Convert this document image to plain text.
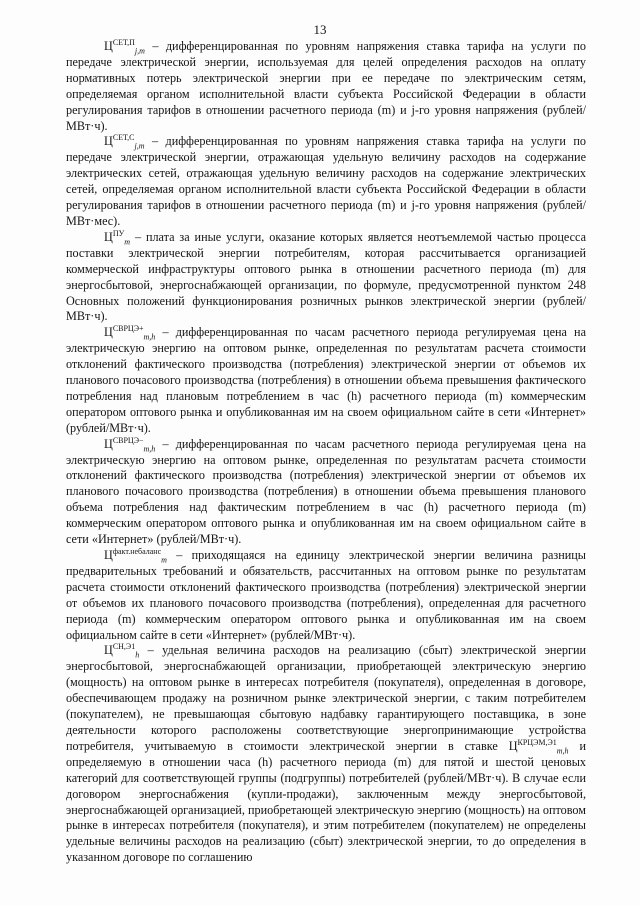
13

$Ц^{СЕТ,П}_{j,m}$ – дифференцированная по уровням напряжения ставка тарифа на услуги по передаче электрической энергии, используемая для целей определения расходов на оплату нормативных потерь электрической энергии при ее передаче по электрическим сетям, определяемая органом исполнительной власти субъекта Российской Федерации в области регулирования тарифов в отношении расчетного периода (m) и j-го уровня напряжения (рублей/МВт·ч).

$Ц^{СЕТ,С}_{j,m}$ – дифференцированная по уровням напряжения ставка тарифа на услуги по передаче электрической энергии, отражающая удельную величину расходов на содержание электрических сетей, отражающая удельную величину расходов на содержание электрических сетей, определяемая органом исполнительной власти субъекта Российской Федерации в области регулирования тарифов в отношении расчетного периода (m) и j-го уровня напряжения (рублей/МВт·мес).

$Ц^{ПУ}_m$ – плата за иные услуги, оказание которых является неотъемлемой частью процесса поставки электрической энергии потребителям, которая рассчитывается организацией коммерческой инфраструктуры оптового рынка в отношении расчетного периода (m) для энергосбытовой, энергоснабжающей организации, по формуле, предусмотренной пунктом 248 Основных положений функционирования розничных рынков электрической энергии (рублей/МВт·ч).

$Ц^{СВРЦЭ+}_{m,h}$ – дифференцированная по часам расчетного периода регулируемая цена на электрическую энергию на оптовом рынке, определенная по результатам расчета стоимости отклонений фактического производства (потребления) электрической энергии от объемов их планового почасового производства (потребления) в отношении объема превышения фактического потребления над плановым потреблением в час (h) расчетного периода (m) коммерческим оператором оптового рынка и опубликованная им на своем официальном сайте в сети «Интернет» (рублей/МВт·ч).

$Ц^{СВРЦЭ-}_{m,h}$ – дифференцированная по часам расчетного периода регулируемая цена на электрическую энергию на оптовом рынке, определенная по результатам расчета стоимости отклонений фактического производства (потребления) электрической энергии от объемов их планового почасового производства (потребления) в отношении объема превышения планового объема потребления над фактическим потреблением в час (h) расчетного периода (m) коммерческим оператором оптового рынка и опубликованная им на своем официальном сайте в сети «Интернет» (рублей/МВт·ч).

$Ц^{факт.небаланс}_m$ – приходящаяся на единицу электрической энергии величина разницы предварительных требований и обязательств, рассчитанных на оптовом рынке по результатам расчета стоимости отклонений фактического производства (потребления) электрической энергии от объемов их планового почасового производства (потребления), определенная для расчетного периода (m) коммерческим оператором оптового рынка и опубликованная им на своем официальном сайте в сети «Интернет» (рублей/МВт·ч).

$Ц^{СН,Э1}_h$ – удельная величина расходов на реализацию (сбыт) электрической энергии энергосбытовой, энергоснабжающей организации, приобретающей электрическую энергию (мощность) на оптовом рынке в интересах потребителя (покупателя), определенная в договоре, обеспечивающем продажу на розничном рынке электрической энергии, с таким потребителем (покупателем), не превышающая сбытовую надбавку гарантирующего поставщика, в зоне деятельности которого расположены соответствующие энергопринимающие устройства потребителя, учитываемую в стоимости электрической энергии в ставке $Ц^{КРЦЭМ,Э1}_{m,h}$ и определяемую в отношении часа (h) расчетного периода (m) для пятой и шестой ценовых категорий для соответствующей группы (подгруппы) потребителей (рублей/МВт·ч). В случае если договором энергоснабжения (купли-продажи), заключенным между энергосбытовой, энергоснабжающей организацией, приобретающей электрическую энергию (мощность) на оптовом рынке в интересах потребителя (покупателя), и этим потребителем (покупателем) не определены удельные величины расходов на реализацию (сбыт) электрической энергии, то до определения в указанном договоре по соглашению
